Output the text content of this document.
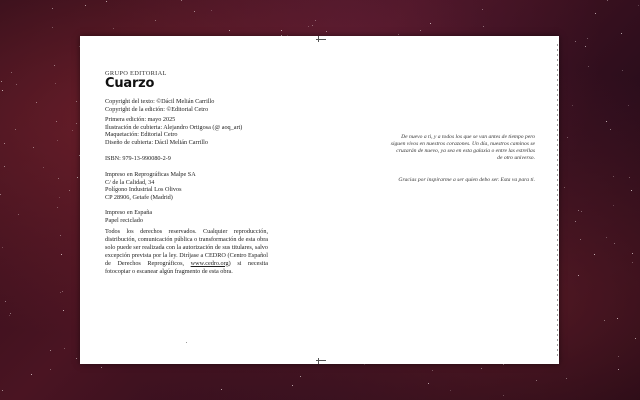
GRUPO EDITORIAL
Cuarzo
Copyright del texto: ©Dácil Melián Carrillo
Copyright de la edición: ©Editorial Cetro
Primera edición: mayo 2025
Ilustración de cubierta: Alejandro Ortigosa (@ aoq_art)
Maquetación: Editorial Cetro
Diseño de cubierta: Dácil Melián Carrillo
ISBN: 979-13-990080-2-9
Impreso en Reprográficas Malpe SA
C/ de la Calidad, 34
Polígono Industrial Los Olivos
CP 28906, Getafe (Madrid)
Impreso en España
Papel reciclado
Todos los derechos reservados. Cualquier reproducción, distribución, comunicación pública o transformación de esta obra solo puede ser realizada con la autorización de sus titulares, salvo excepción prevista por la ley. Diríjase a CEDRO (Centro Español de Derechos Reprográficos, www.cedro.org) si necesita fotocopiar o escanear algún fragmento de esta obra.
De nuevo a ti, y a todos los que se van antes de tiempo pero
siguen vivos en nuestros corazones. Un día, nuestros caminos se
cruzarán de nuevo, ya sea en esta galaxia o entre las estrellas
de otro universo.
Gracias por inspirarme a ser quien debo ser. Esta va para ti.
